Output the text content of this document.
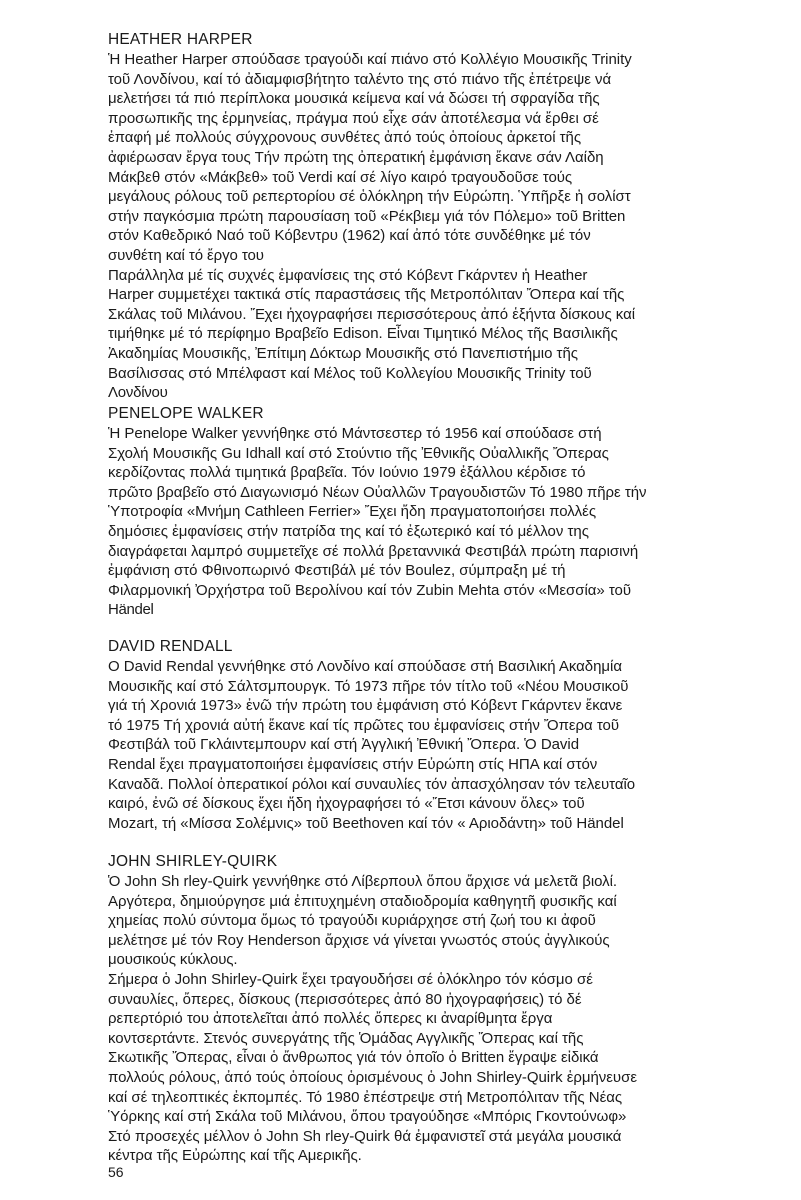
HEATHER HARPER
Ἡ Heather Harper σπούδασε τραγούδι καί πιάνο στό Κολλέγιο Μουσικῆς Trinity
τοῦ Λονδίνου, καί τό ἀδιαμφισβήτητο ταλέντο της στό πιάνο τῆς ἐπέτρεψε νά
μελετήσει τά πιό περίπλοκα μουσικά κείμενα καί νά δώσει τή σφραγίδα τῆς
προσωπικῆς της ἑρμηνείας, πράγμα πού εἶχε σάν ἀποτέλεσμα νά ἔρθει σέ
ἐπαφή μέ πολλούς σύγχρονους συνθέτες ἀπό τούς ὁποίους ἀρκετοί τῆς
ἀφιέρωσαν ἔργα τους Τήν πρώτη της ὀπερατική ἐμφάνιση ἔκανε σάν Λαίδη
Μάκβεθ στόν «Μάκβεθ» τοῦ Verdi καί σέ λίγο καιρό τραγουδοῦσε τούς
μεγάλους ρόλους τοῦ ρεπερτορίου σέ ὁλόκληρη τήν Εὐρώπη. Ὑπῆρξε ἡ σολίστ
στήν παγκόσμια πρώτη παρουσίαση τοῦ «Ρέκβιεμ γιά τόν Πόλεμο» τοῦ Britten
στόν Καθεδρικό Ναό τοῦ Κόβεντρυ (1962) καί ἀπό τότε συνδέθηκε μέ τόν
συνθέτη καί τό ἔργο του
Παράλληλα μέ τίς συχνές ἐμφανίσεις της στό Κόβεντ Γκάρντεν ἡ Heather
Harper συμμετέχει τακτικά στίς παραστάσεις τῆς Μετροπόλιταν Ὄπερα καί τῆς
Σκάλας τοῦ Μιλάνου. Ἔχει ἠχογραφήσει περισσότερους ἀπό ἑξήντα δίσκους καί
τιμήθηκε μέ τό περίφημο Βραβεῖο Edison. Εἶναι Τιμητικό Μέλος τῆς Βασιλικῆς
Ἀκαδημίας Μουσικῆς, Ἐπίτιμη Δόκτωρ Μουσικῆς στό Πανεπιστήμιο τῆς
Βασίλισσας στό Μπέλφαστ καί Μέλος τοῦ Κολλεγίου Μουσικῆς Trinity τοῦ
Λονδίνου
PENELOPE WALKER
Ἡ Penelope Walker γεννήθηκε στό Μάντσεστερ τό 1956 καί σπούδασε στή
Σχολή Μουσικῆς Gu Idhall καί στό Στούντιο τῆς Ἐθνικῆς Οὐαλλικῆς Ὄπερας
κερδίζοντας πολλά τιμητικά βραβεῖα. Τόν Ιούνιο 1979 ἐξάλλου κέρδισε τό
πρῶτο βραβεῖο στό Διαγωνισμό Νέων Οὐαλλῶν Τραγουδιστῶν Τό 1980 πῆρε τήν
Ὑποτροφία «Μνήμη Cathleen Ferrier» Ἔχει ἤδη πραγματοποιήσει πολλές
δημόσιες ἐμφανίσεις στήν πατρίδα της καί τό ἐξωτερικό καί τό μέλλον της
διαγράφεται λαμπρό συμμετεῖχε σέ πολλά βρεταννικά Φεστιβάλ πρώτη παρισινή
ἐμφάνιση στό Φθινοπωρινό Φεστιβάλ μέ τόν Boulez, σύμπραξη μέ τή
Φιλαρμονική Ὀρχήστρα τοῦ Βερολίνου καί τόν Zubin Mehta στόν «Μεσσία» τοῦ
Händel
DAVID RENDALL
Ο David Rendal γεννήθηκε στό Λονδίνο καί σπούδασε στή Βασιλική Ακαδημία
Μουσικῆς καί στό Σάλτσμπουργκ. Τό 1973 πῆρε τόν τίτλο τοῦ «Νέου Μουσικοῦ
γιά τή Χρονιά 1973» ἐνῶ τήν πρώτη του ἐμφάνιση στό Κόβεντ Γκάρντεν ἔκανε
τό 1975 Τή χρονιά αὐτή ἔκανε καί τίς πρῶτες του ἐμφανίσεις στήν Ὄπερα τοῦ
Φεστιβάλ τοῦ Γκλάιντεμπουρν καί στή Ἀγγλική Ἐθνική Ὄπερα. Ὁ David
Rendal ἔχει πραγματοποιήσει ἐμφανίσεις στήν Εὐρώπη στίς ΗΠΑ καί στόν
Καναδᾶ. Πολλοί ὀπερατικοί ρόλοι καί συναυλίες τόν ἀπασχόλησαν τόν τελευταῖο
καιρό, ἐνῶ σέ δίσκους ἔχει ἤδη ἠχογραφήσει τό «Ἔτσι κάνουν ὅλες» τοῦ
Mozart, τή «Μίσσα Σολέμνις» τοῦ Beethoven καί τόν « Αριοδάντη» τοῦ Händel
JOHN SHIRLEY-QUIRK
Ὁ John Sh rley-Quirk γεννήθηκε στό Λίβερπουλ ὅπου ἄρχισε νά μελετᾶ βιολί.
Αργότερα, δημιούργησε μιά ἐπιτυχημένη σταδιοδρομία καθηγητῆ φυσικῆς καί
χημείας πολύ σύντομα ὅμως τό τραγούδι κυριάρχησε στή ζωή του κι ἀφοῦ
μελέτησε μέ τόν Roy Henderson ἄρχισε νά γίνεται γνωστός στούς ἀγγλικούς
μουσικούς κύκλους.
Σήμερα ὁ John Shirley-Quirk ἔχει τραγουδήσει σέ ὁλόκληρο τόν κόσμο σέ
συναυλίες, ὄπερες, δίσκους (περισσότερες ἀπό 80 ἠχογραφήσεις) τό δέ
ρεπερτόριό του ἀποτελεῖται ἀπό πολλές ὄπερες κι ἀναρίθμητα ἔργα
κοντσερτάντε. Στενός συνεργάτης τῆς Ὁμάδας Αγγλικῆς Ὄπερας καί τῆς
Σκωτικῆς Ὄπερας, εἶναι ὁ ἄνθρωπος γιά τόν ὁποῖο ὁ Britten ἔγραψε εἰδικά
πολλούς ρόλους, ἀπό τούς ὁποίους ὁρισμένους ὁ John Shirley-Quirk ἑρμήνευσε
καί σέ τηλεοπτικές ἐκπομπές. Τό 1980 ἐπέστρεψε στή Μετροπόλιταν τῆς Νέας
Ὑόρκης καί στή Σκάλα τοῦ Μιλάνου, ὅπου τραγούδησε «Μπόρις Γκοντούνωφ»
Στό προσεχές μέλλον ὁ John Sh rley-Quirk θά ἐμφανιστεῖ στά μεγάλα μουσικά
κέντρα τῆς Εὐρώπης καί τῆς Αμερικῆς.
56
